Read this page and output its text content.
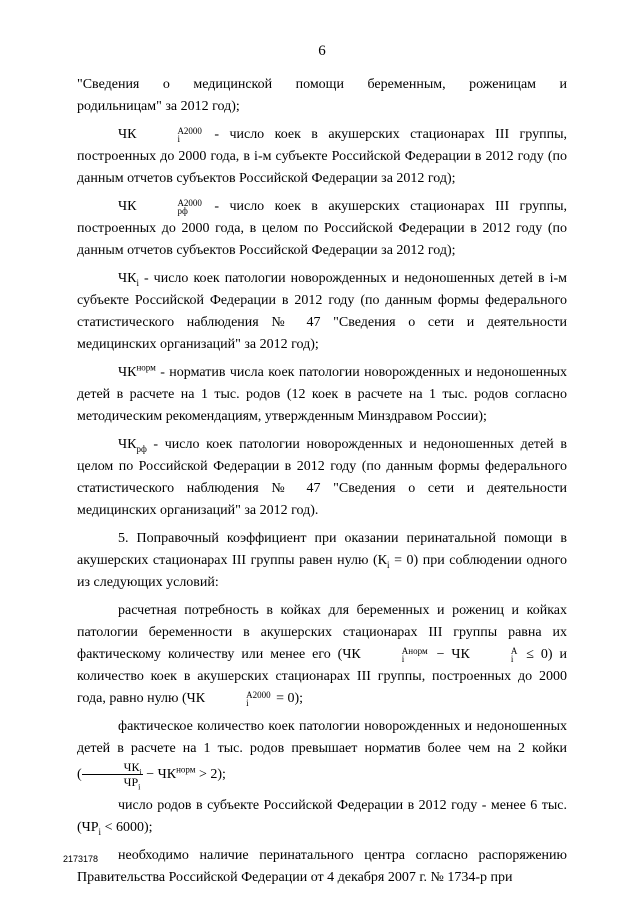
6

"Сведения о медицинской помощи беременным, роженицам и

родильницам" за 2012 год);

ЧК	А2000
i	- число коек в акушерских стационарах III группы, построенных до 2000 года, в i-м субъекте Российской Федерации в 2012 году (по данным отчетов субъектов Российской Федерации за 2012 год);

ЧК	А2000
рф	- число коек в акушерских стационарах III группы, построенных до 2000 года, в целом по Российской Федерации в 2012 году (по данным отчетов субъектов Российской Федерации за 2012 год);

$ЧК_i$ - число коек патологии новорожденных и недоношенных детей в i-м субъекте Российской Федерации в 2012 году (по данным формы федерального статистического наблюдения № 47 "Сведения о сети и деятельности медицинских организаций" за 2012 год);

$ЧК^{норм}$ - норматив числа коек патологии новорожденных и недоношенных детей в расчете на 1 тыс. родов (12 коек в расчете на 1 тыс. родов согласно методическим рекомендациям, утвержденным Минздравом России);

$ЧК_{рф}$ - число коек патологии новорожденных и недоношенных детей в целом по Российской Федерации в 2012 году (по данным формы федерального статистического наблюдения № 47 "Сведения о сети и деятельности медицинских организаций" за 2012 год).

5. Поправочный коэффициент при оказании перинатальной помощи в акушерских стационарах III группы равен нулю $(К_i = 0)$ при соблюдении одного из следующих условий:

расчетная потребность в койках для беременных и рожениц и койках патологии беременности в акушерских стационарах III группы равна их фактическому количеству или менее его (ЧК	Анорм
i	− ЧК	А
i ≤ 0) и количество коек в акушерских стационарах III группы, построенных до 2000 года, равно нулю (ЧК	А2000
i	= 0);

фактическое количество коек патологии новорожденных и недоношенных детей в расчете на 1 тыс. родов превышает норматив более чем на 2 койки ( $\frac{ЧК_i}{ЧР_i} - ЧК^{норм} > 2$);

число родов в субъекте Российской Федерации в 2012 году - менее 6 тыс. $(ЧР_i < 6000)$;

необходимо наличие перинатального центра согласно распоряжению Правительства Российской Федерации от 4 декабря 2007 г. № 1734-р при

2173178
